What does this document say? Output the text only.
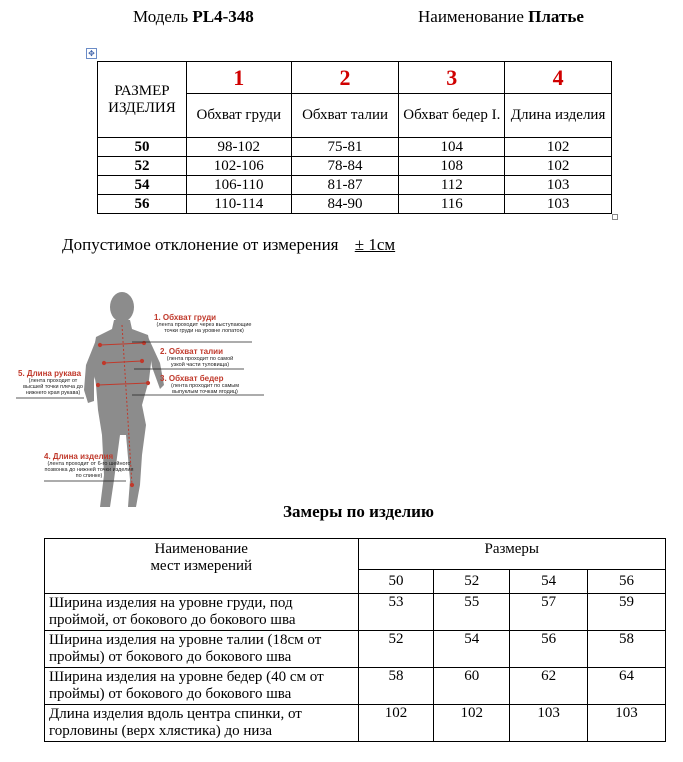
Модель PL4-348	Наименование Платье
✥
РАЗМЕР ИЗДЕЛИЯ	1	2	3	4
	Обхват груди	Обхват талии	Обхват бедер I.	Длина изделия
50	98-102	75-81	104	102
52	102-106	78-84	108	102
54	106-110	81-87	112	103
56	110-114	84-90	116	103
Допустимое отклонение от измерения ± 1см
1. Обхват груди
(лента проходит через выступающие точки груди на уровне лопаток)
2. Обхват талии
(лента проходит по самой узкой части туловища)
3. Обхват бедер
(лента проходит по самым выпуклым точкам ягодиц)
5. Длина рукава
(лента проходит от высшей точки плеча до нижнего края рукава)
4. Длина изделия
(лента проходит от 6-го шейного позвонка до нижней точки изделия по спинке)
Замеры по изделию
Наименование мест измерений	Размеры			
	50	52	54	56
Ширина изделия на уровне груди, под проймой, от бокового до бокового шва	53	55	57	59
Ширина изделия на уровне талии (18см от проймы) от бокового до бокового шва	52	54	56	58
Ширина изделия на уровне бедер (40 см от проймы) от бокового до бокового шва	58	60	62	64
Длина изделия вдоль центра спинки, от горловины (верх хлястика) до низа	102	102	103	103
